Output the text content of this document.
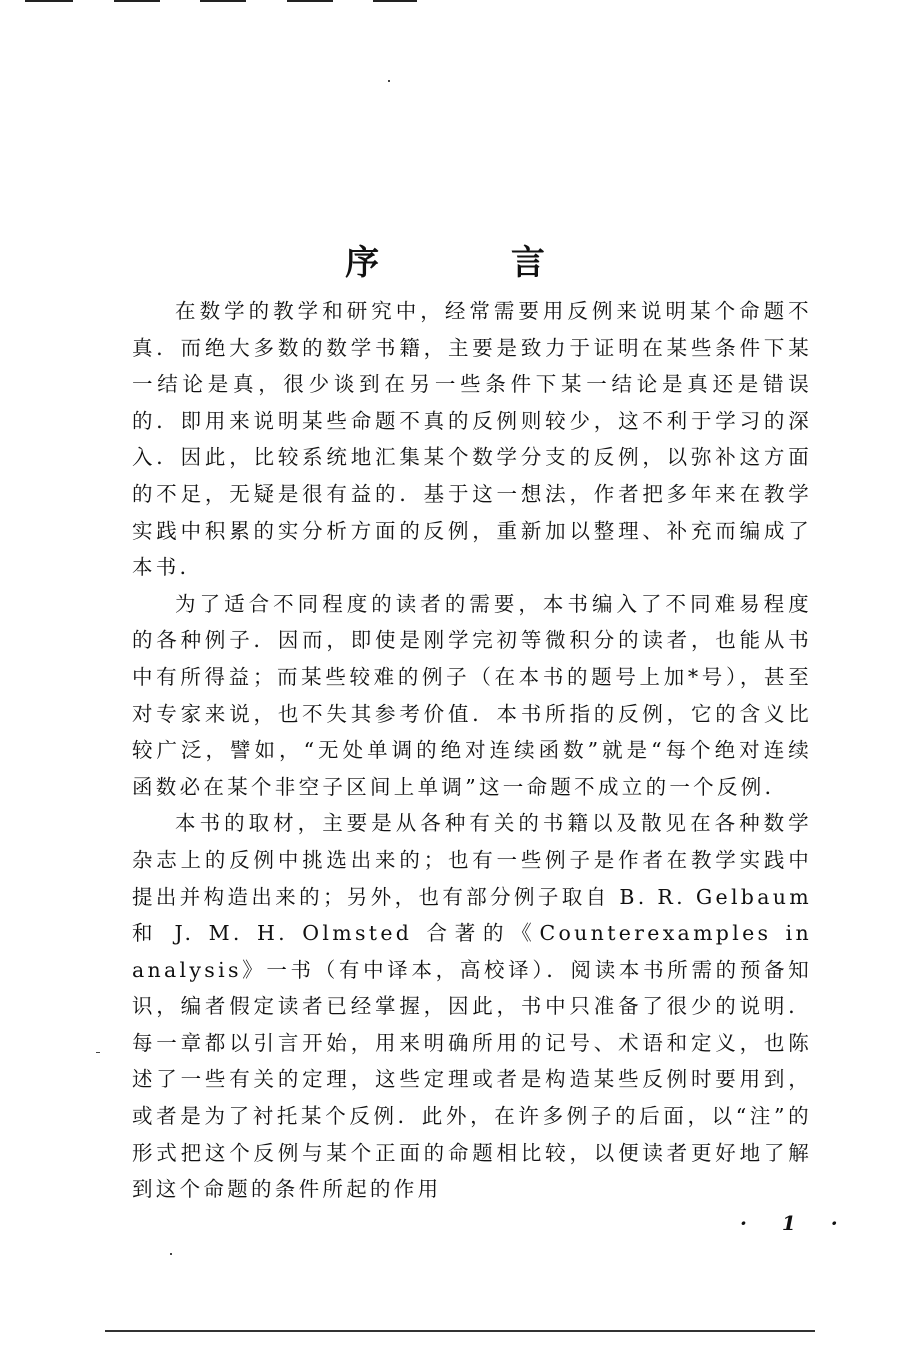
序 言

在数学的教学和研究中，经常需要用反例来说明某个命题不真．而绝大多数的数学书籍，主要是致力于证明在某些条件下某一结论是真，很少谈到在另一些条件下某一结论是真还是错误的．即用来说明某些命题不真的反例则较少，这不利于学习的深入．因此，比较系统地汇集某个数学分支的反例，以弥补这方面的不足，无疑是很有益的．基于这一想法，作者把多年来在教学实践中积累的实分析方面的反例，重新加以整理、补充而编成了本书．

为了适合不同程度的读者的需要，本书编入了不同难易程度的各种例子．因而，即使是刚学完初等微积分的读者，也能从书中有所得益；而某些较难的例子（在本书的题号上加*号），甚至对专家来说，也不失其参考价值．本书所指的反例，它的含义比较广泛，譬如，“无处单调的绝对连续函数”就是“每个绝对连续函数必在某个非空子区间上单调”这一命题不成立的一个反例．

本书的取材，主要是从各种有关的书籍以及散见在各种数学杂志上的反例中挑选出来的；也有一些例子是作者在教学实践中提出并构造出来的；另外，也有部分例子取自 B. R. Gelbaum 和 J. M. H. Olmsted 合著的《Counterexamples in analysis》一书（有中译本，高校译）．阅读本书所需的预备知识，编者假定读者已经掌握，因此，书中只准备了很少的说明．每一章都以引言开始，用来明确所用的记号、术语和定义，也陈述了一些有关的定理，这些定理或者是构造某些反例时要用到，或者是为了衬托某个反例．此外，在许多例子的后面，以“注”的形式把这个反例与某个正面的命题相比较，以便读者更好地了解到这个命题的条件所起的作用

· 1 ·
